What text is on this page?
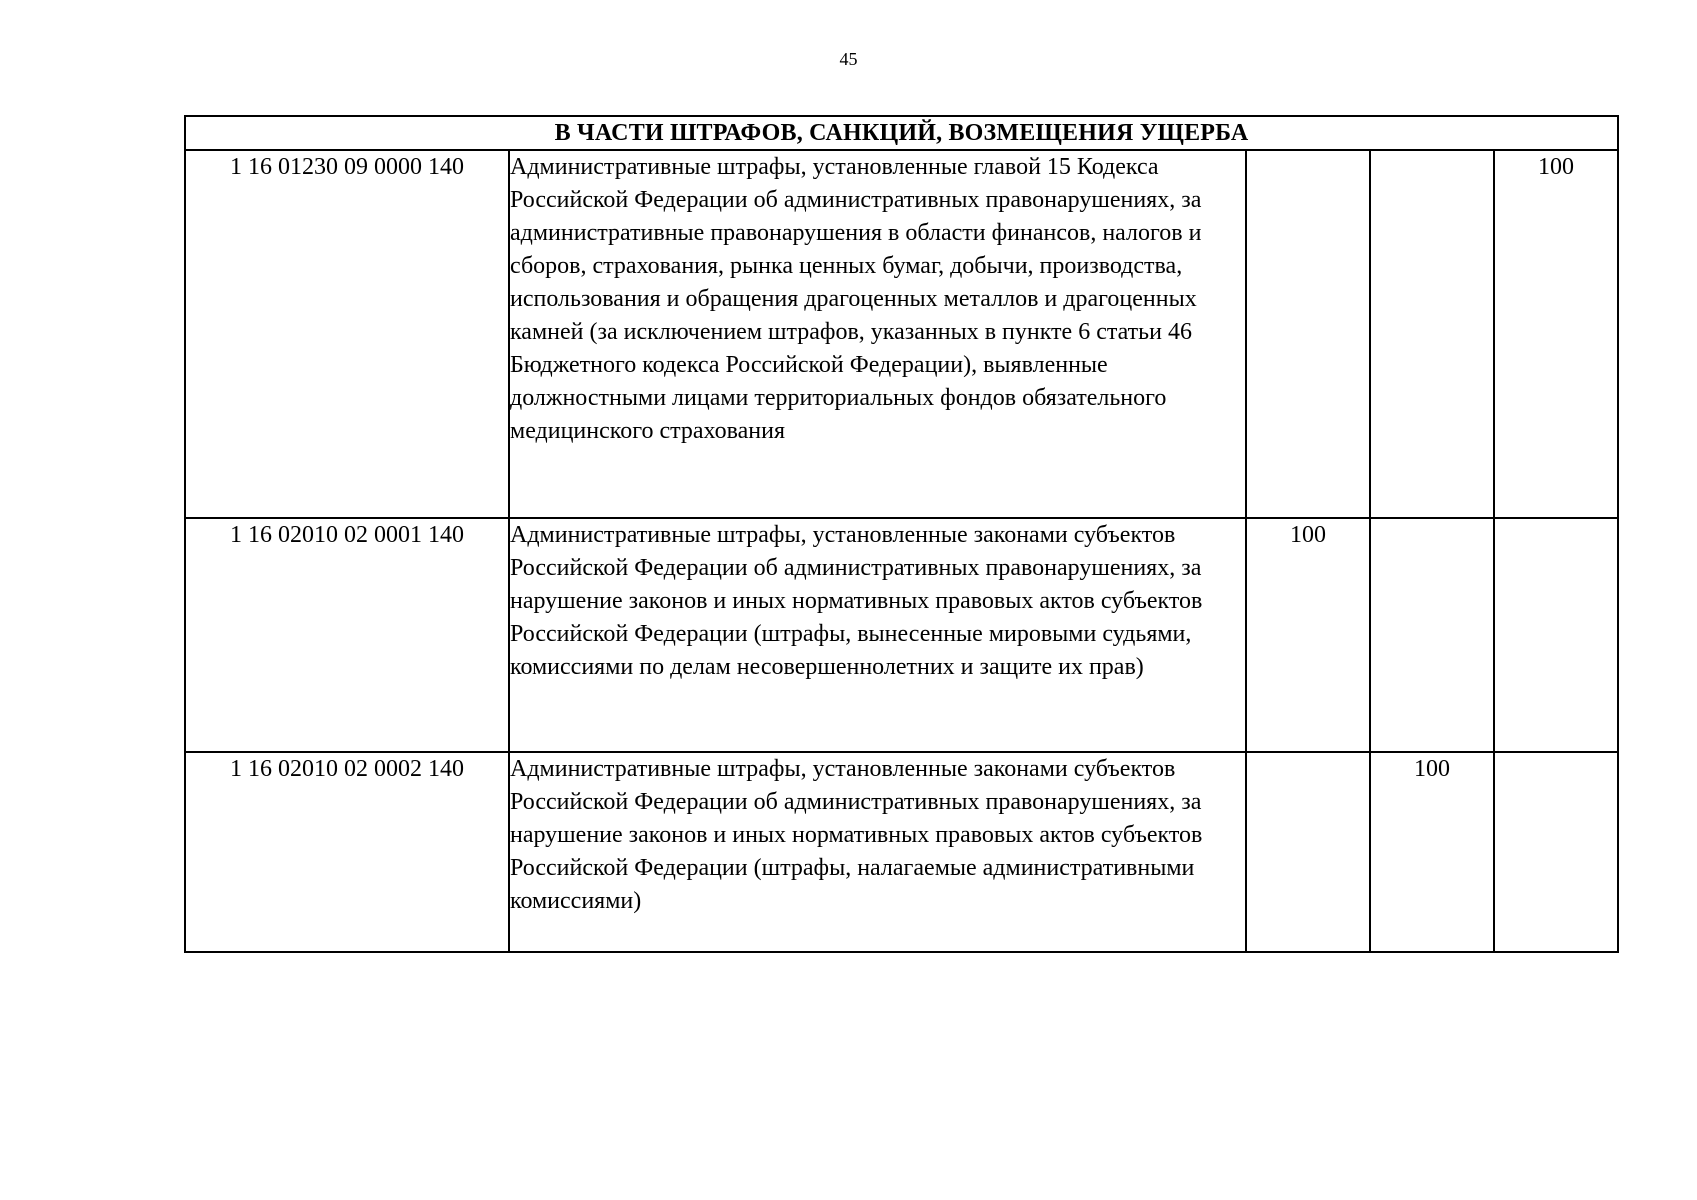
45
В ЧАСТИ ШТРАФОВ, САНКЦИЙ, ВОЗМЕЩЕНИЯ УЩЕРБА				
1 16 01230 09 0000 140	Административные штрафы, установленные главой 15 Кодекса Российской Федерации об административных правонарушениях, за административные правонарушения в области финансов, налогов и сборов, страхования, рынка ценных бумаг, добычи, производства, использования и обращения драгоценных металлов и драгоценных камней (за исключением штрафов, указанных в пункте 6 статьи 46 Бюджетного кодекса Российской Федерации), выявленные должностными лицами территориальных фондов обязательного медицинского страхования			100
1 16 02010 02 0001 140	Административные штрафы, установленные законами субъектов Российской Федерации об административных правонарушениях, за нарушение законов и иных нормативных правовых актов субъектов Российской Федерации (штрафы, вынесенные мировыми судьями, комиссиями по делам несовершеннолетних и защите их прав)	100		
1 16 02010 02 0002 140	Административные штрафы, установленные законами субъектов Российской Федерации об административных правонарушениях, за нарушение законов и иных нормативных правовых актов субъектов Российской Федерации (штрафы, налагаемые административными комиссиями)		100	
